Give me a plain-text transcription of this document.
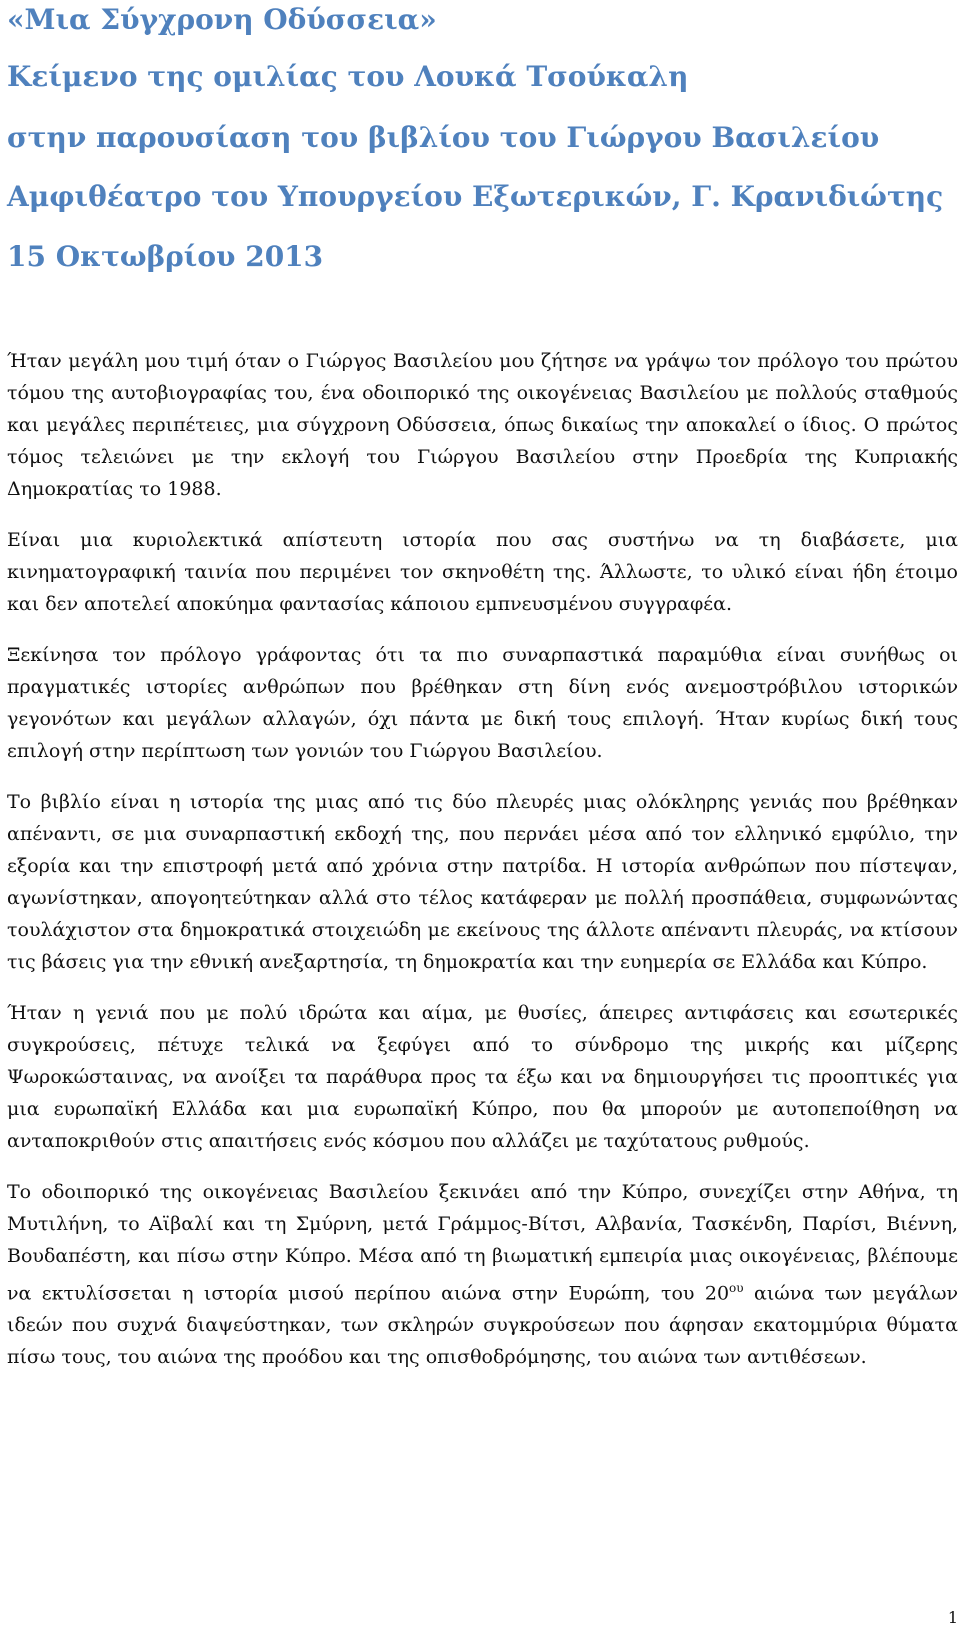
«Μια Σύγχρονη Οδύσσεια»
Κείμενο της ομιλίας του Λουκά Τσούκαλη
στην παρουσίαση του βιβλίου του Γιώργου Βασιλείου
Αμφιθέατρο του Υπουργείου Εξωτερικών, Γ. Κρανιδιώτης
15 Οκτωβρίου 2013

Ήταν μεγάλη μου τιμή όταν ο Γιώργος Βασιλείου μου ζήτησε να γράψω τον πρόλογο του πρώτου τόμου της αυτοβιογραφίας του, ένα οδοιπορικό της οικογένειας Βασιλείου με πολλούς σταθμούς και μεγάλες περιπέτειες, μια σύγχρονη Οδύσσεια, όπως δικαίως την αποκαλεί ο ίδιος. Ο πρώτος τόμος τελειώνει με την εκλογή του Γιώργου Βασιλείου στην Προεδρία της Κυπριακής Δημοκρατίας το 1988.

Είναι μια κυριολεκτικά απίστευτη ιστορία που σας συστήνω να τη διαβάσετε, μια κινηματογραφική ταινία που περιμένει τον σκηνοθέτη της. Άλλωστε, το υλικό είναι ήδη έτοιμο και δεν αποτελεί αποκύημα φαντασίας κάποιου εμπνευσμένου συγγραφέα.

Ξεκίνησα τον πρόλογο γράφοντας ότι τα πιο συναρπαστικά παραμύθια είναι συνήθως οι πραγματικές ιστορίες ανθρώπων που βρέθηκαν στη δίνη ενός ανεμοστρόβιλου ιστορικών γεγονότων και μεγάλων αλλαγών, όχι πάντα με δική τους επιλογή. Ήταν κυρίως δική τους επιλογή στην περίπτωση των γονιών του Γιώργου Βασιλείου.

Το βιβλίο είναι η ιστορία της μιας από τις δύο πλευρές μιας ολόκληρης γενιάς που βρέθηκαν απέναντι, σε μια συναρπαστική εκδοχή της, που περνάει μέσα από τον ελληνικό εμφύλιο, την εξορία και την επιστροφή μετά από χρόνια στην πατρίδα. Η ιστορία ανθρώπων που πίστεψαν, αγωνίστηκαν, απογοητεύτηκαν αλλά στο τέλος κατάφεραν με πολλή προσπάθεια, συμφωνώντας τουλάχιστον στα δημοκρατικά στοιχειώδη με εκείνους της άλλοτε απέναντι πλευράς, να κτίσουν τις βάσεις για την εθνική ανεξαρτησία, τη δημοκρατία και την ευημερία σε Ελλάδα και Κύπρο.

Ήταν η γενιά που με πολύ ιδρώτα και αίμα, με θυσίες, άπειρες αντιφάσεις και εσωτερικές συγκρούσεις, πέτυχε τελικά να ξεφύγει από το σύνδρομο της μικρής και μίζερης Ψωροκώσταινας, να ανοίξει τα παράθυρα προς τα έξω και να δημιουργήσει τις προοπτικές για μια ευρωπαϊκή Ελλάδα και μια ευρωπαϊκή Κύπρο, που θα μπορούν με αυτοπεποίθηση να ανταποκριθούν στις απαιτήσεις ενός κόσμου που αλλάζει με ταχύτατους ρυθμούς.

Το οδοιπορικό της οικογένειας Βασιλείου ξεκινάει από την Κύπρο, συνεχίζει στην Αθήνα, τη Μυτιλήνη, το Αϊβαλί και τη Σμύρνη, μετά Γράμμος-Βίτσι, Αλβανία, Τασκένδη, Παρίσι, Βιέννη, Βουδαπέστη, και πίσω στην Κύπρο. Μέσα από τη βιωματική εμπειρία μιας οικογένειας, βλέπουμε να εκτυλίσσεται η ιστορία μισού περίπου αιώνα στην Ευρώπη, του $20^{o\upsilon}$ αιώνα των μεγάλων ιδεών που συχνά διαψεύστηκαν, των σκληρών συγκρούσεων που άφησαν εκατομμύρια θύματα πίσω τους, του αιώνα της προόδου και της οπισθοδρόμησης, του αιώνα των αντιθέσεων.

1
